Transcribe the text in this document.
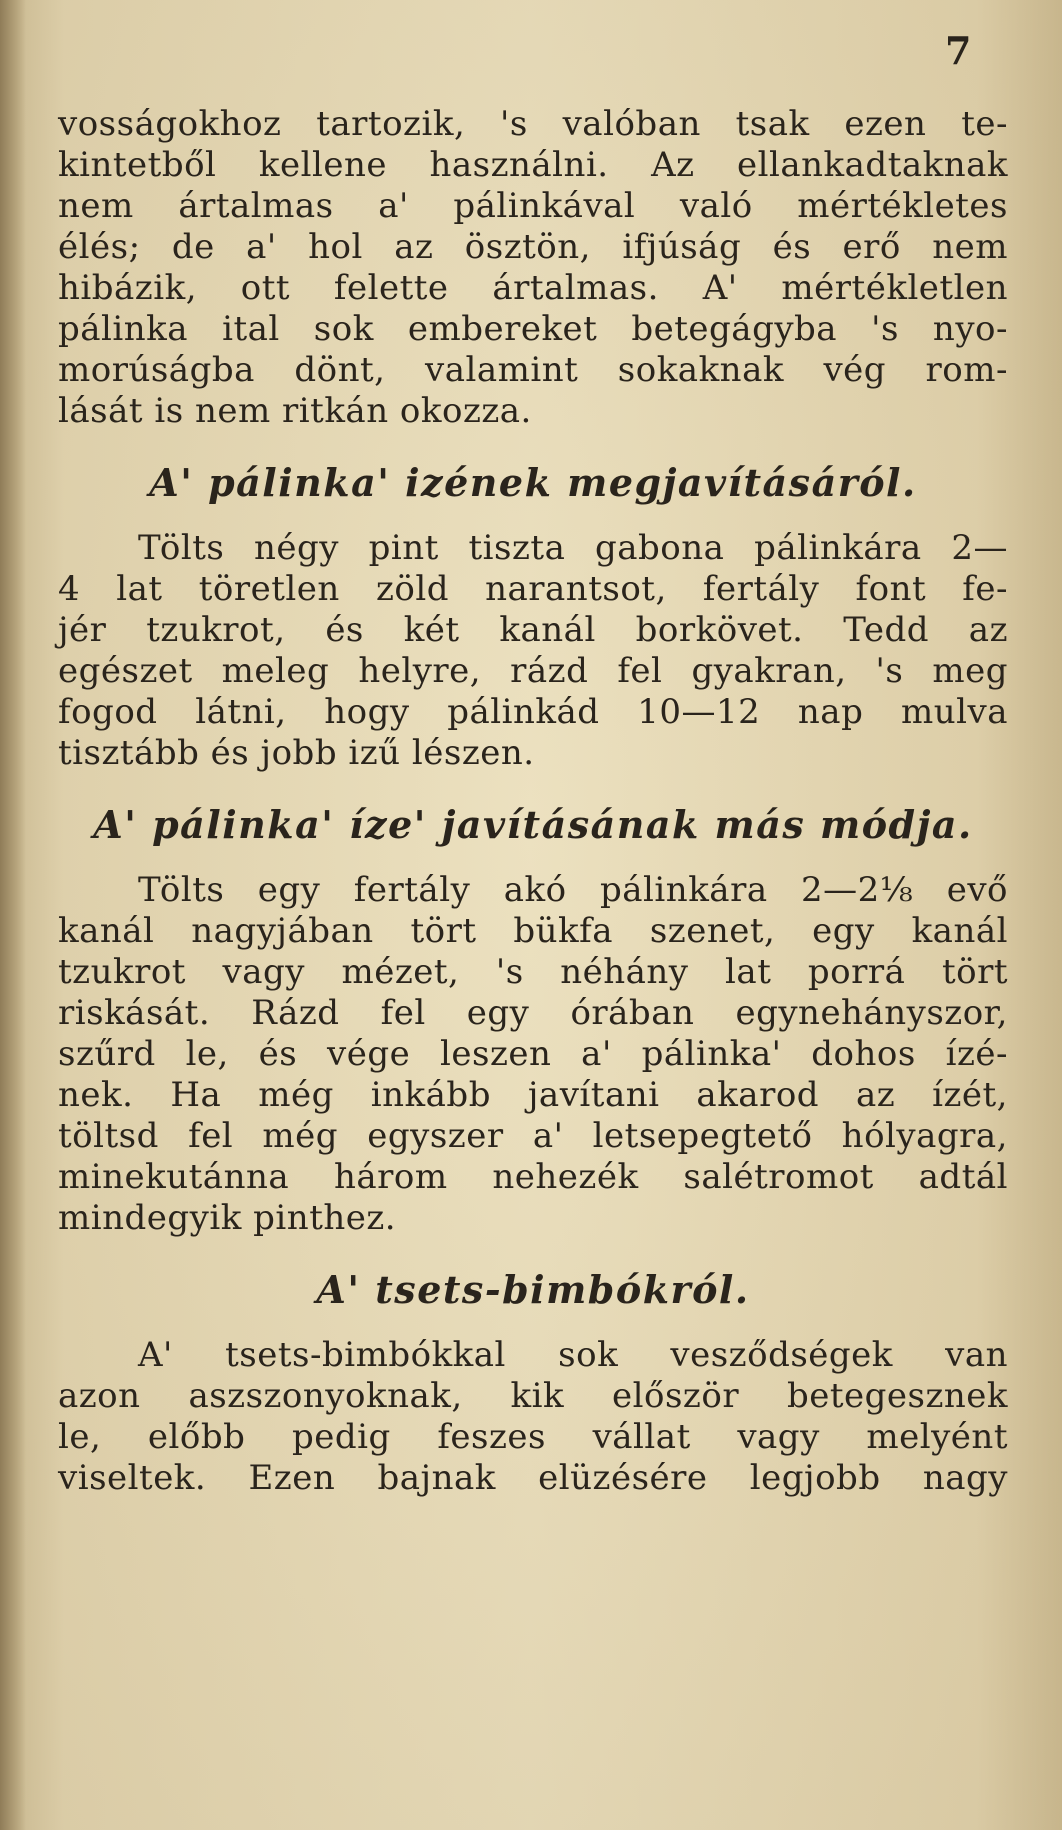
7
vosságokhoz tartozik, 's valóban tsak ezen te-
kintetből kellene használni. Az ellankadtaknak
nem ártalmas a' pálinkával való mértékletes
élés; de a' hol az ösztön, ifjúság és erő nem
hibázik, ott felette ártalmas. A' mértékletlen
pálinka ital sok embereket betegágyba 's nyo-
morúságba dönt, valamint sokaknak vég rom-
lását is nem ritkán okozza.
A' pálinka' izének megjavításáról.
Tölts négy pint tiszta gabona pálinkára 2—
4 lat töretlen zöld narantsot, fertály font fe-
jér tzukrot, és két kanál borkövet. Tedd az
egészet meleg helyre, rázd fel gyakran, 's meg
fogod látni, hogy pálinkád 10—12 nap mulva
tisztább és jobb izű lészen.
A' pálinka' íze' javításának más módja.
Tölts egy fertály akó pálinkára 2—2⅛ evő
kanál nagyjában tört bükfa szenet, egy kanál
tzukrot vagy mézet, 's néhány lat porrá tört
riskását. Rázd fel egy órában egynehányszor,
szűrd le, és vége leszen a' pálinka' dohos ízé-
nek. Ha még inkább javítani akarod az ízét,
töltsd fel még egyszer a' letsepegtető hólyagra,
minekutánna három nehezék salétromot adtál
mindegyik pinthez.
A' tsets-bimbókról.
A' tsets-bimbókkal sok vesződségek van
azon aszszonyoknak, kik először betegesznek
le, előbb pedig feszes vállat vagy melyént
viseltek. Ezen bajnak elüzésére legjobb nagy
